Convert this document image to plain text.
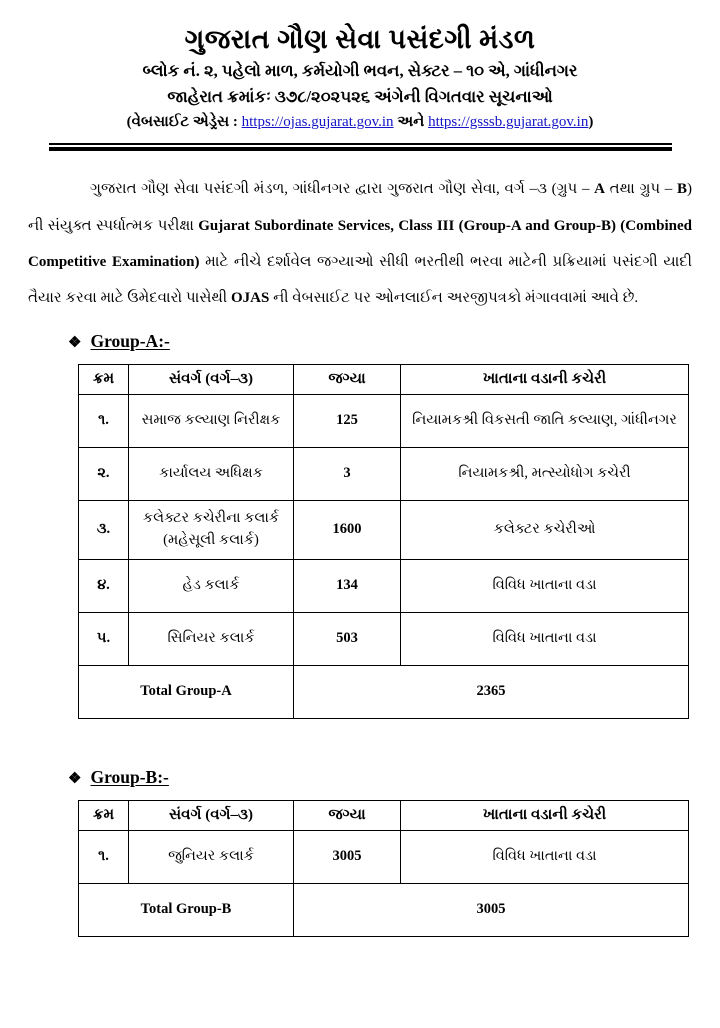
ગુજરાત ગૌણ સેવા પસંદગી મંડળ
બ્લોક નં. ૨, પહેલો માળ, કર્મયોગી ભવન, સેક્ટર – ૧૦ એ, ગાંધીનગર
જાહેરાત ક્રમાંકઃ ૩૭૮/૨૦૨૫૨૬ અંગેની વિગતવાર સૂચનાઓ
(વેબસાઈટ એડ્રેસ : https://ojas.gujarat.gov.in અને https://gsssb.gujarat.gov.in)

ગુજરાત ગૌણ સેવા પસંદગી મંડળ, ગાંધીનગર દ્વારા ગુજરાત ગૌણ સેવા, વર્ગ –૩ (ગ્રુપ – A તથા ગ્રુપ – B) ની સંયુક્ત સ્પર્ધાત્મક પરીક્ષા Gujarat Subordinate Services, Class III (Group-A and Group-B) (Combined Competitive Examination) માટે નીચે દર્શાવેલ જગ્યાઓ સીધી ભરતીથી ભરવા માટેની પ્રક્રિયામાં પસંદગી યાદી તૈયાર કરવા માટે ઉમેદવારો પાસેથી OJAS ની વેબસાઈટ પર ઓનલાઈન અરજીપત્રકો મંગાવવામાં આવે છે.

❖ Group-A:-
ક્રમ	સંવર્ગ (વર્ગ–૩)	જગ્યા	ખાતાના વડાની કચેરી
૧.	સમાજ કલ્યાણ નિરીક્ષક	125	નિયામકશ્રી વિકસતી જાતિ કલ્યાણ, ગાંધીનગર
૨.	કાર્યાલય અધિક્ષક	3	નિયામકશ્રી, મત્સ્યોધોગ કચેરી
૩.	કલેક્ટર કચેરીના કલાર્ક
(મહેસૂલી કલાર્ક)	1600	કલેક્ટર કચેરીઓ
૪.	હેડ કલાર્ક	134	વિવિધ ખાતાના વડા
૫.	સિનિયર કલાર્ક	503	વિવિધ ખાતાના વડા
Total Group-A		2365	
❖ Group-B:-
ક્રમ	સંવર્ગ (વર્ગ–૩)	જગ્યા	ખાતાના વડાની કચેરી
૧.	જુનિયર કલાર્ક	3005	વિવિધ ખાતાના વડા
Total Group-B		3005	
